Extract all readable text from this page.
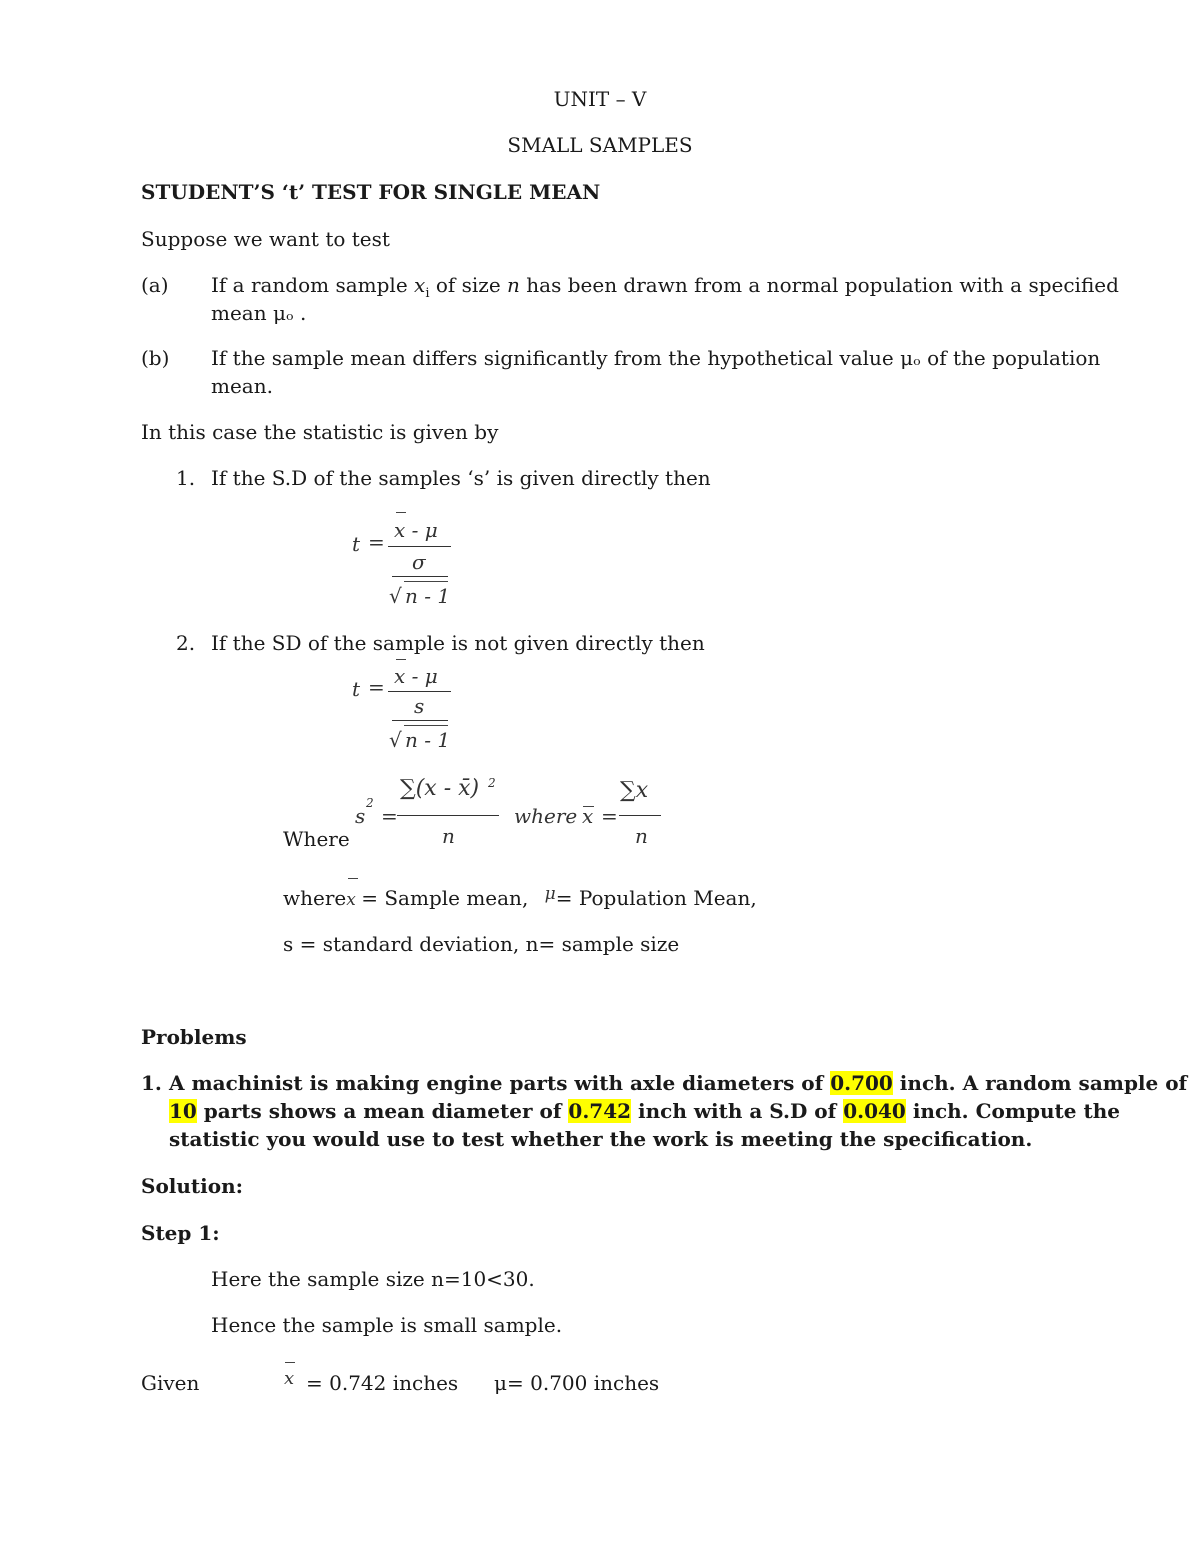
UNIT – V
SMALL SAMPLES
STUDENT’S ‘t’ TEST FOR SINGLE MEAN
Suppose we want to test
(a) If a random sample $x_i$ of size n has been drawn from a normal population with a specified
mean μₒ .
(b) If the sample mean differs significantly from the hypothetical value μₒ of the population
mean.
In this case the statistic is given by
1. If the S.D of the samples ‘s’ is given directly then
t = x - μ
σ
√ n - 1
2. If the SD of the sample is not given directly then
t = x - μ
s
√ n - 1
Where
s
2
=
∑(x - x̄) 2
n
where x =
∑x
n
where
x = Sample mean, $^\mu$= Population Mean,
s = standard deviation, n= sample size
Problems
1. A machinist is making engine parts with axle diameters of 0.700 inch. A random sample of
10 parts shows a mean diameter of 0.742 inch with a S.D of 0.040 inch. Compute the
statistic you would use to test whether the work is meeting the specification.
Solution:
Step 1:
Here the sample size n=10<30.
Hence the sample is small sample.
Given	x = 0.742 inches μ= 0.700 inches
